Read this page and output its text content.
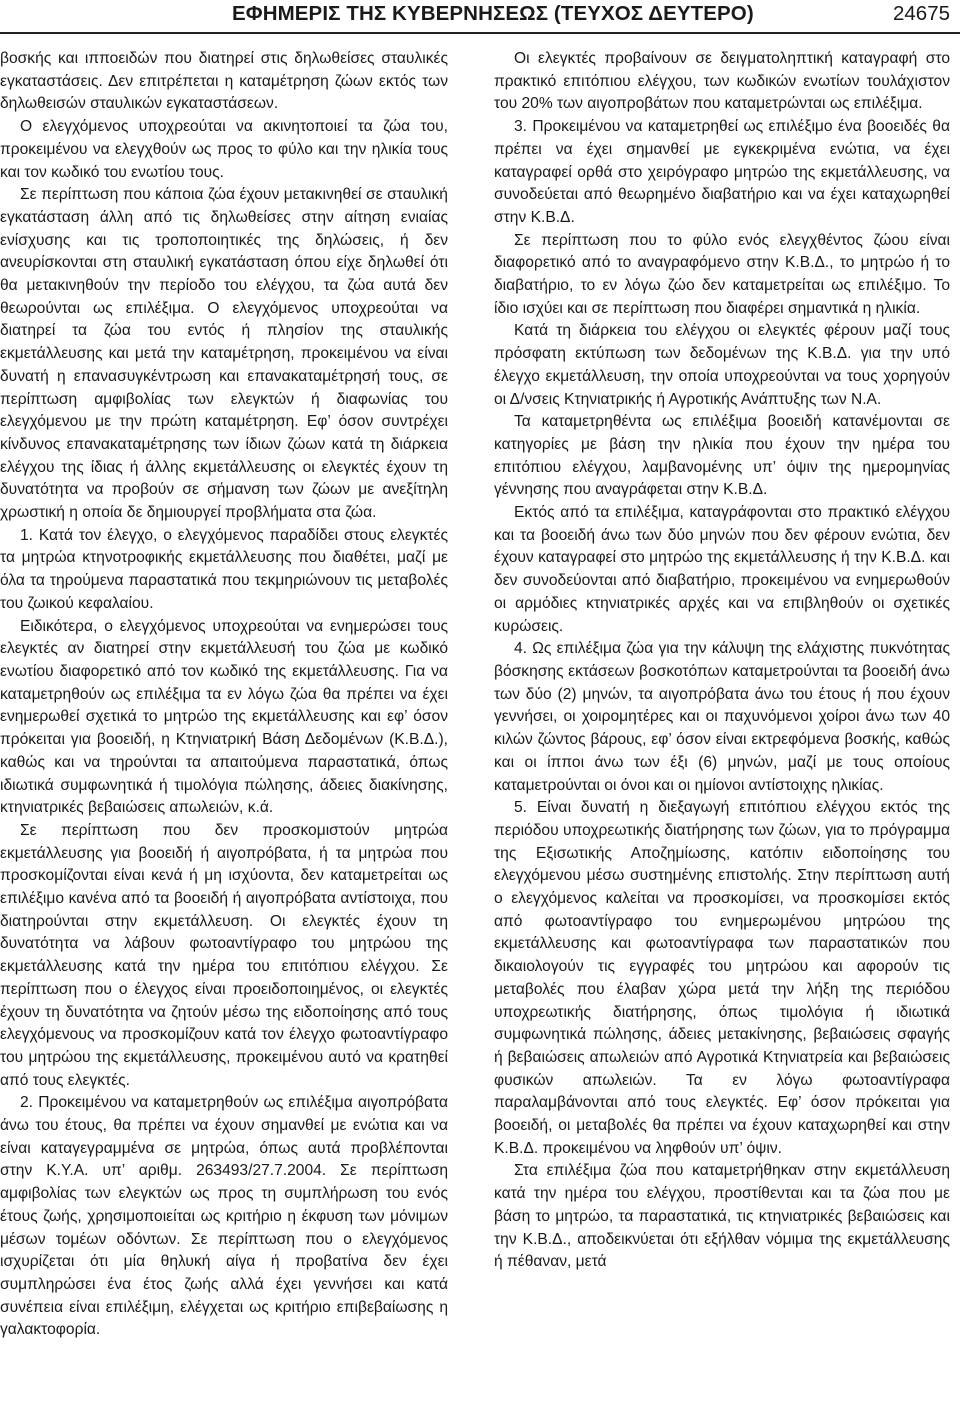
ΕΦΗΜΕΡΙΣ ΤΗΣ ΚΥΒΕΡΝΗΣΕΩΣ (ΤΕΥΧΟΣ ΔΕΥΤΕΡΟ)	24675

βοσκής και ιπποειδών που διατηρεί στις δηλωθείσες σταυλικές εγκαταστάσεις. Δεν επιτρέπεται η καταμέτρηση ζώων εκτός των δηλωθεισών σταυλικών εγκαταστάσεων.

Ο ελεγχόμενος υποχρεούται να ακινητοποιεί τα ζώα του, προκειμένου να ελεγχθούν ως προς το φύλο και την ηλικία τους και τον κωδικό του ενωτίου τους.

Σε περίπτωση που κάποια ζώα έχουν μετακινηθεί σε σταυλική εγκατάσταση άλλη από τις δηλωθείσες στην αίτηση ενιαίας ενίσχυσης και τις τροποποιητικές της δηλώσεις, ή δεν ανευρίσκονται στη σταυλική εγκατάσταση όπου είχε δηλωθεί ότι θα μετακινηθούν την περίοδο του ελέγχου, τα ζώα αυτά δεν θεωρούνται ως επιλέξιμα. Ο ελεγχόμενος υποχρεούται να διατηρεί τα ζώα του εντός ή πλησίον της σταυλικής εκμετάλλευσης και μετά την καταμέτρηση, προκειμένου να είναι δυνατή η επανασυγκέντρωση και επανακαταμέτρησή τους, σε περίπτωση αμφιβολίας των ελεγκτών ή διαφωνίας του ελεγχόμενου με την πρώτη καταμέτρηση. Εφ’ όσον συντρέχει κίνδυνος επανακαταμέτρησης των ίδιων ζώων κατά τη διάρκεια ελέγχου της ίδιας ή άλλης εκμετάλλευσης οι ελεγκτές έχουν τη δυνατότητα να προβούν σε σήμανση των ζώων με ανεξίτηλη χρωστική η οποία δε δημιουργεί προβλήματα στα ζώα.

1. Κατά τον έλεγχο, ο ελεγχόμενος παραδίδει στους ελεγκτές τα μητρώα κτηνοτροφικής εκμετάλλευσης που διαθέτει, μαζί με όλα τα τηρούμενα παραστατικά που τεκμηριώνουν τις μεταβολές του ζωικού κεφαλαίου.

Ειδικότερα, ο ελεγχόμενος υποχρεούται να ενημερώσει τους ελεγκτές αν διατηρεί στην εκμετάλλευσή του ζώα με κωδικό ενωτίου διαφορετικό από τον κωδικό της εκμετάλλευσης. Για να καταμετρηθούν ως επιλέξιμα τα εν λόγω ζώα θα πρέπει να έχει ενημερωθεί σχετικά το μητρώο της εκμετάλλευσης και εφ’ όσον πρόκειται για βοοειδή, η Κτηνιατρική Βάση Δεδομένων (Κ.Β.Δ.), καθώς και να τηρούνται τα απαιτούμενα παραστατικά, όπως ιδιωτικά συμφωνητικά ή τιμολόγια πώλησης, άδειες διακίνησης, κτηνιατρικές βεβαιώσεις απωλειών, κ.ά.

Σε περίπτωση που δεν προσκομιστούν μητρώα εκμετάλλευσης για βοοειδή ή αιγοπρόβατα, ή τα μητρώα που προσκομίζονται είναι κενά ή μη ισχύοντα, δεν καταμετρείται ως επιλέξιμο κανένα από τα βοοειδή ή αιγοπρόβατα αντίστοιχα, που διατηρούνται στην εκμετάλλευση. Οι ελεγκτές έχουν τη δυνατότητα να λάβουν φωτοαντίγραφο του μητρώου της εκμετάλλευσης κατά την ημέρα του επιτόπιου ελέγχου. Σε περίπτωση που ο έλεγχος είναι προειδοποιημένος, οι ελεγκτές έχουν τη δυνατότητα να ζητούν μέσω της ειδοποίησης από τους ελεγχόμενους να προσκομίζουν κατά τον έλεγχο φωτοαντίγραφο του μητρώου της εκμετάλλευσης, προκειμένου αυτό να κρατηθεί από τους ελεγκτές.

2. Προκειμένου να καταμετρηθούν ως επιλέξιμα αιγοπρόβατα άνω του έτους, θα πρέπει να έχουν σημανθεί με ενώτια και να είναι καταγεγραμμένα σε μητρώα, όπως αυτά προβλέπονται στην Κ.Υ.Α. υπ’ αριθμ. 263493/27.7.2004. Σε περίπτωση αμφιβολίας των ελεγκτών ως προς τη συμπλήρωση του ενός έτους ζωής, χρησιμοποιείται ως κριτήριο η έκφυση των μόνιμων μέσων τομέων οδόντων. Σε περίπτωση που ο ελεγχόμενος ισχυρίζεται ότι μία θηλυκή αίγα ή προβατίνα δεν έχει συμπληρώσει ένα έτος ζωής αλλά έχει γεννήσει και κατά συνέπεια είναι επιλέξιμη, ελέγχεται ως κριτήριο επιβεβαίωσης η γαλακτοφορία.

Οι ελεγκτές προβαίνουν σε δειγματοληπτική καταγραφή στο πρακτικό επιτόπιου ελέγχου, των κωδικών ενωτίων τουλάχιστον του 20% των αιγοπροβάτων που καταμετρώνται ως επιλέξιμα.

3. Προκειμένου να καταμετρηθεί ως επιλέξιμο ένα βοοειδές θα πρέπει να έχει σημανθεί με εγκεκριμένα ενώτια, να έχει καταγραφεί ορθά στο χειρόγραφο μητρώο της εκμετάλλευσης, να συνοδεύεται από θεωρημένο διαβατήριο και να έχει καταχωρηθεί στην Κ.Β.Δ.

Σε περίπτωση που το φύλο ενός ελεγχθέντος ζώου είναι διαφορετικό από το αναγραφόμενο στην Κ.Β.Δ., το μητρώο ή το διαβατήριο, το εν λόγω ζώο δεν καταμετρείται ως επιλέξιμο. Το ίδιο ισχύει και σε περίπτωση που διαφέρει σημαντικά η ηλικία.

Κατά τη διάρκεια του ελέγχου οι ελεγκτές φέρουν μαζί τους πρόσφατη εκτύπωση των δεδομένων της Κ.Β.Δ. για την υπό έλεγχο εκμετάλλευση, την οποία υποχρεούνται να τους χορηγούν οι Δ/νσεις Κτηνιατρικής ή Αγροτικής Ανάπτυξης των Ν.Α.

Τα καταμετρηθέντα ως επιλέξιμα βοοειδή κατανέμονται σε κατηγορίες με βάση την ηλικία που έχουν την ημέρα του επιτόπιου ελέγχου, λαμβανομένης υπ’ όψιν της ημερομηνίας γέννησης που αναγράφεται στην Κ.Β.Δ.

Εκτός από τα επιλέξιμα, καταγράφονται στο πρακτικό ελέγχου και τα βοοειδή άνω των δύο μηνών που δεν φέρουν ενώτια, δεν έχουν καταγραφεί στο μητρώο της εκμετάλλευσης ή την Κ.Β.Δ. και δεν συνοδεύονται από διαβατήριο, προκειμένου να ενημερωθούν οι αρμόδιες κτηνιατρικές αρχές και να επιβληθούν οι σχετικές κυρώσεις.

4. Ως επιλέξιμα ζώα για την κάλυψη της ελάχιστης πυκνότητας βόσκησης εκτάσεων βοσκοτόπων καταμετρούνται τα βοοειδή άνω των δύο (2) μηνών, τα αιγοπρόβατα άνω του έτους ή που έχουν γεννήσει, οι χοιρομητέρες και οι παχυνόμενοι χοίροι άνω των 40 κιλών ζώντος βάρους, εφ’ όσον είναι εκτρεφόμενα βοσκής, καθώς και οι ίπποι άνω των έξι (6) μηνών, μαζί με τους οποίους καταμετρούνται οι όνοι και οι ημίονοι αντίστοιχης ηλικίας.

5. Είναι δυνατή η διεξαγωγή επιτόπιου ελέγχου εκτός της περιόδου υποχρεωτικής διατήρησης των ζώων, για το πρόγραμμα της Εξισωτικής Αποζημίωσης, κατόπιν ειδοποίησης του ελεγχόμενου μέσω συστημένης επιστολής. Στην περίπτωση αυτή ο ελεγχόμενος καλείται να προσκομίσει, να προσκομίσει εκτός από φωτοαντίγραφο του ενημερωμένου μητρώου της εκμετάλλευσης και φωτοαντίγραφα των παραστατικών που δικαιολογούν τις εγγραφές του μητρώου και αφορούν τις μεταβολές που έλαβαν χώρα μετά την λήξη της περιόδου υποχρεωτικής διατήρησης, όπως τιμολόγια ή ιδιωτικά συμφωνητικά πώλησης, άδειες μετακίνησης, βεβαιώσεις σφαγής ή βεβαιώσεις απωλειών από Αγροτικά Κτηνιατρεία και βεβαιώσεις φυσικών απωλειών. Τα εν λόγω φωτοαντίγραφα παραλαμβάνονται από τους ελεγκτές. Εφ’ όσον πρόκειται για βοοειδή, οι μεταβολές θα πρέπει να έχουν καταχωρηθεί και στην Κ.Β.Δ. προκειμένου να ληφθούν υπ’ όψιν.

Στα επιλέξιμα ζώα που καταμετρήθηκαν στην εκμετάλλευση κατά την ημέρα του ελέγχου, προστίθενται και τα ζώα που με βάση το μητρώο, τα παραστατικά, τις κτηνιατρικές βεβαιώσεις και την Κ.Β.Δ., αποδεικνύεται ότι εξήλθαν νόμιμα της εκμετάλλευσης ή πέθαναν, μετά
